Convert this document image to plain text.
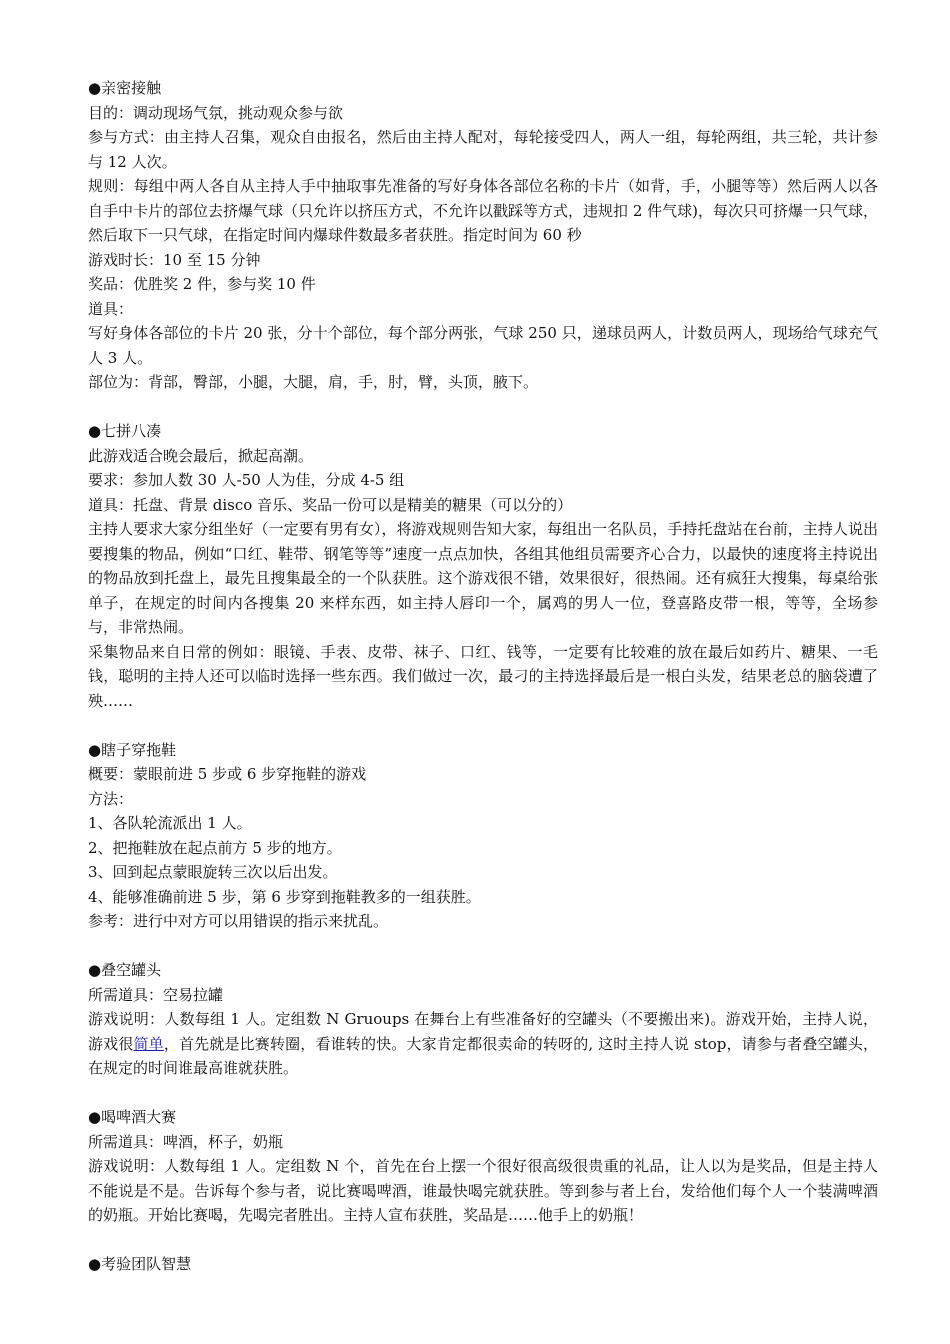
●亲密接触
目的：调动现场气氛，挑动观众参与欲
参与方式：由主持人召集，观众自由报名，然后由主持人配对，每轮接受四人，两人一组，每轮两组，共三轮，共计参与 12 人次。
规则：每组中两人各自从主持人手中抽取事先准备的写好身体各部位名称的卡片（如背，手，小腿等等）然后两人以各自手中卡片的部位去挤爆气球（只允许以挤压方式，不允许以戳踩等方式，违规扣 2 件气球)，每次只可挤爆一只气球，然后取下一只气球，在指定时间内爆球件数最多者获胜。指定时间为 60 秒
游戏时长：10 至 15 分钟
奖品：优胜奖 2 件，参与奖 10 件
道具：
写好身体各部位的卡片 20 张，分十个部位，每个部分两张，气球 250 只，递球员两人，计数员两人，现场给气球充气人 3 人。
部位为：背部，臀部，小腿，大腿，肩，手，肘，臂，头顶，腋下。
●七拼八凑
此游戏适合晚会最后，掀起高潮。
要求：参加人数 30 人-50 人为佳，分成 4-5 组
道具：托盘、背景 disco 音乐、奖品一份可以是精美的糖果（可以分的）
主持人要求大家分组坐好（一定要有男有女），将游戏规则告知大家，每组出一名队员，手持托盘站在台前，主持人说出要搜集的物品，例如“口红、鞋带、钢笔等等”速度一点点加快，各组其他组员需要齐心合力，以最快的速度将主持说出的物品放到托盘上，最先且搜集最全的一个队获胜。这个游戏很不错，效果很好，很热闹。还有疯狂大搜集，每桌给张单子，在规定的时间内各搜集 20 来样东西，如主持人唇印一个，属鸡的男人一位，登喜路皮带一根，等等，全场参与，非常热闹。
采集物品来自日常的例如：眼镜、手表、皮带、袜子、口红、钱等，一定要有比较难的放在最后如药片、糖果、一毛钱，聪明的主持人还可以临时选择一些东西。我们做过一次，最刁的主持选择最后是一根白头发，结果老总的脑袋遭了殃……
●瞎子穿拖鞋
概要：蒙眼前进 5 步或 6 步穿拖鞋的游戏
方法：
1、各队轮流派出 1 人。
2、把拖鞋放在起点前方 5 步的地方。
3、回到起点蒙眼旋转三次以后出发。
4、能够准确前进 5 步，第 6 步穿到拖鞋教多的一组获胜。
参考：进行中对方可以用错误的指示来扰乱。
●叠空罐头
所需道具：空易拉罐
游戏说明：人数每组 1 人。定组数 N Gruoups 在舞台上有些准备好的空罐头（不要搬出来)。游戏开始，主持人说，游戏很简单，首先就是比赛转圈，看谁转的快。大家肯定都很卖命的转呀的, 这时主持人说 stop，请参与者叠空罐头，在规定的时间谁最高谁就获胜。
●喝啤酒大赛
所需道具：啤酒，杯子，奶瓶
游戏说明：人数每组 1 人。定组数 N 个，首先在台上摆一个很好很高级很贵重的礼品，让人以为是奖品，但是主持人不能说是不是。告诉每个参与者，说比赛喝啤酒，谁最快喝完就获胜。等到参与者上台，发给他们每个人一个装满啤酒的奶瓶。开始比赛喝，先喝完者胜出。主持人宣布获胜，奖品是……他手上的奶瓶！
●考验团队智慧
